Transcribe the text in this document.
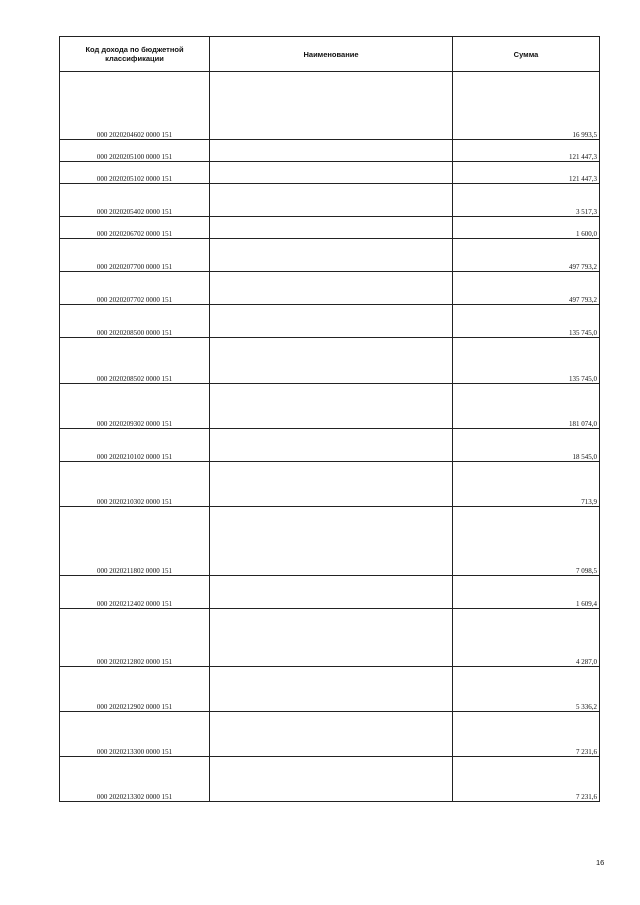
Код дохода по бюджетной классификации	Наименование	Сумма
000 2020204602 0000 151		16 993,5
000 2020205100 0000 151		121 447,3
000 2020205102 0000 151		121 447,3
000 2020205402 0000 151		3 517,3
000 2020206702 0000 151		1 600,0
000 2020207700 0000 151		497 793,2
000 2020207702 0000 151		497 793,2
000 2020208500 0000 151		135 745,0
000 2020208502 0000 151		135 745,0
000 2020209302 0000 151		181 074,0
000 2020210102 0000 151		18 545,0
000 2020210302 0000 151		713,9
000 2020211802 0000 151		7 098,5
000 2020212402 0000 151		1 609,4
000 2020212802 0000 151		4 287,0
000 2020212902 0000 151		5 336,2
000 2020213300 0000 151		7 231,6
000 2020213302 0000 151		7 231,6
16
